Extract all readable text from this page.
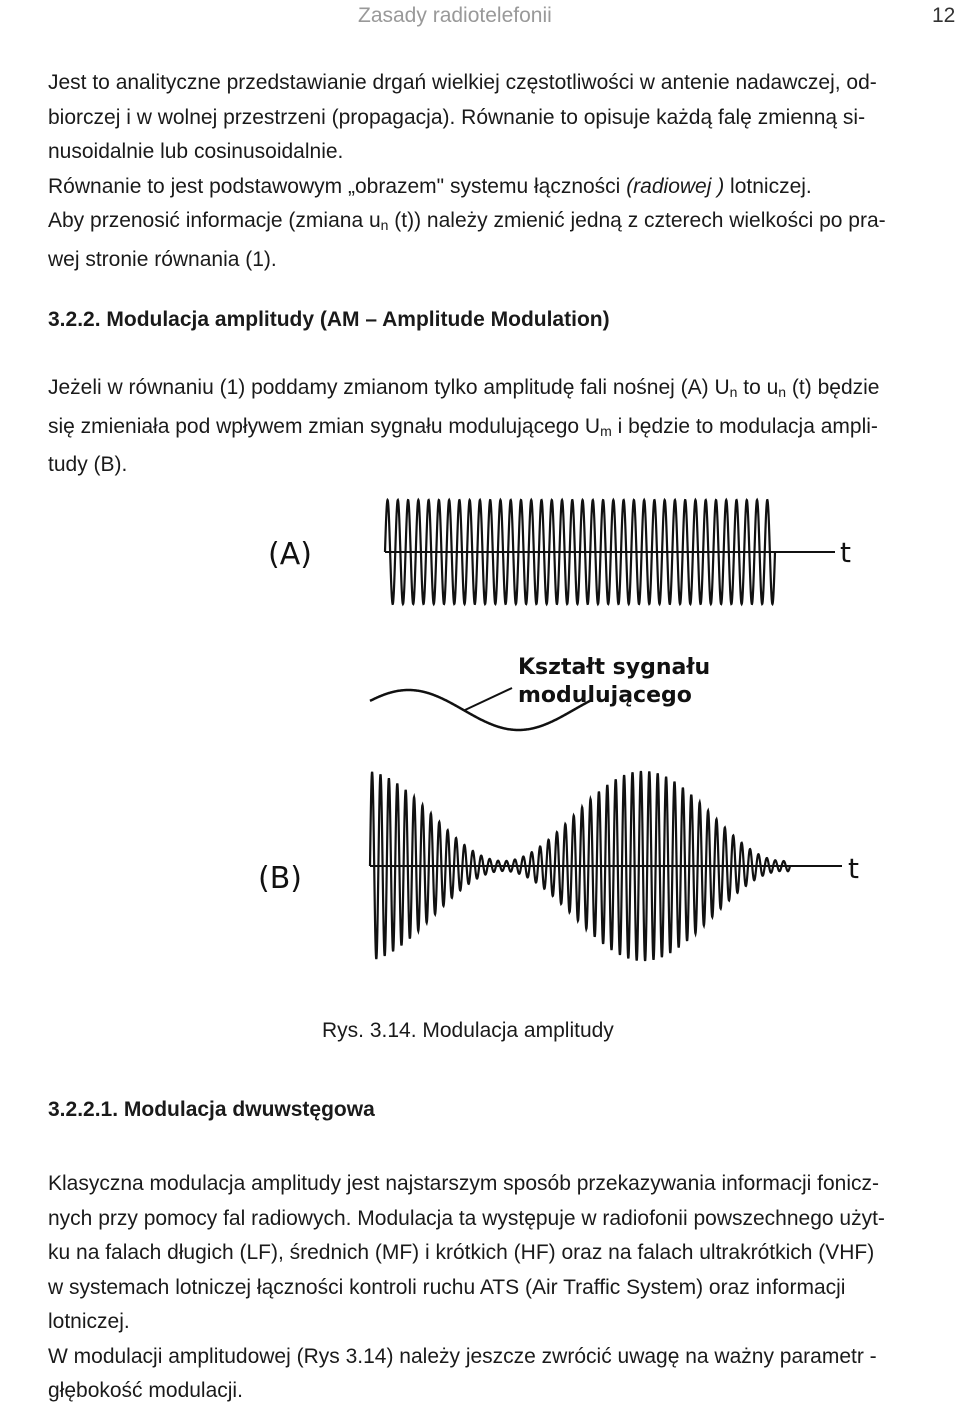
Zasady radiotelefonii	12
Jest to analityczne przedstawianie drgań wielkiej częstotliwości w antenie nadawczej, od-
biorczej i w wolnej przestrzeni (propagacja). Równanie to opisuje każdą falę zmienną si-
nusoidalnie lub cosinusoidalnie.
Równanie to jest podstawowym „obrazem" systemu łączności (radiowej ) lotniczej.
Aby przenosić informacje (zmiana $u_n$ (t)) należy zmienić jedną z czterech wielkości po pra-
wej stronie równania (1).
3.2.2. Modulacja amplitudy (AM – Amplitude Modulation)
Jeżeli w równaniu (1) poddamy zmianom tylko amplitudę fali nośnej (A) $U_n$ to $u_n$ (t) będzie
się zmieniała pod wpływem zmian sygnału modulującego $U_m$ i będzie to modulacja ampli-
tudy (B).
(A)	t
Kształt sygnału
modulującego
(B)	t
Rys. 3.14. Modulacja amplitudy
3.2.2.1. Modulacja dwuwstęgowa
Klasyczna modulacja amplitudy jest najstarszym sposób przekazywania informacji fonicz-
nych przy pomocy fal radiowych. Modulacja ta występuje w radiofonii powszechnego użyt-
ku na falach długich (LF), średnich (MF) i krótkich (HF) oraz na falach ultrakrótkich (VHF)
w systemach lotniczej łączności kontroli ruchu ATS (Air Traffic System) oraz informacji
lotniczej.
W modulacji amplitudowej (Rys 3.14) należy jeszcze zwrócić uwagę na ważny parametr -
głębokość modulacji.
